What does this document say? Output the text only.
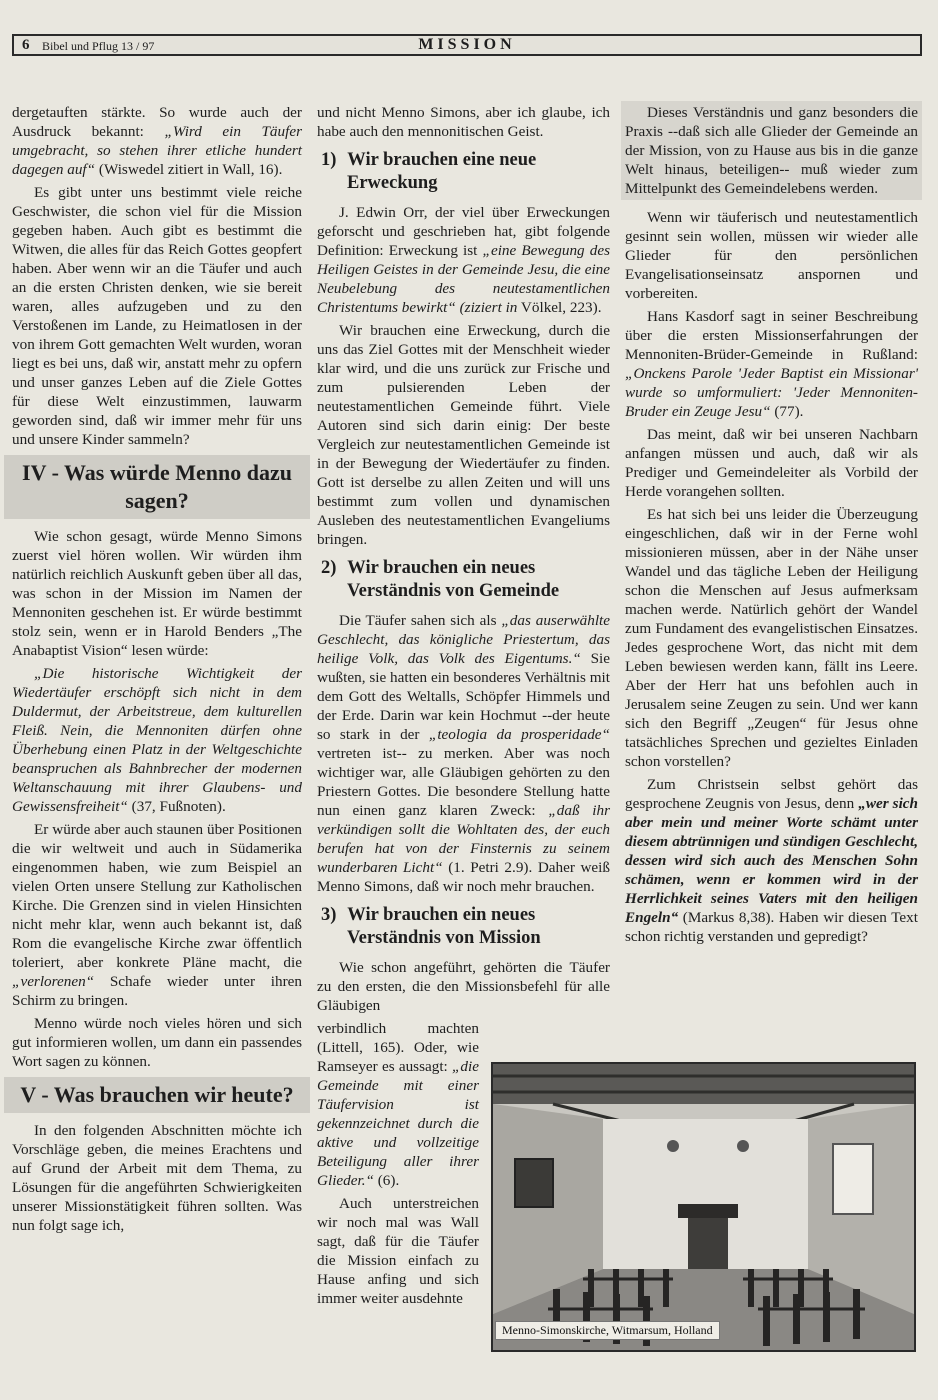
6 Bibel und Pflug 13 / 97	MISSION

dergetauften stärkte. So wurde auch der Ausdruck bekannt: „Wird ein Täufer umgebracht, so stehen ihrer etliche hundert dagegen auf“ (Wiswedel zitiert in Wall, 16).

Es gibt unter uns bestimmt viele reiche Geschwister, die schon viel für die Mission gegeben haben. Auch gibt es bestimmt die Witwen, die alles für das Reich Gottes geopfert haben. Aber wenn wir an die Täufer und auch an die ersten Christen denken, wie sie bereit waren, alles aufzugeben und zu den Verstoßenen im Lande, zu Heimatlosen in der von ihrem Gott gemachten Welt wurden, woran liegt es bei uns, daß wir, anstatt mehr zu opfern und unser ganzes Leben auf die Ziele Gottes für diese Welt einzustimmen, lauwarm geworden sind, daß wir immer mehr für uns und unsere Kinder sammeln?

IV - Was würde Menno dazu sagen?

Wie schon gesagt, würde Menno Simons zuerst viel hören wollen. Wir würden ihm natürlich reichlich Auskunft geben über all das, was schon in der Mission im Namen der Mennoniten geschehen ist. Er würde bestimmt stolz sein, wenn er in Harold Benders „The Anabaptist Vision“ lesen würde:

„Die historische Wichtigkeit der Wiedertäufer erschöpft sich nicht in dem Duldermut, der Arbeitstreue, dem kulturellen Fleiß. Nein, die Mennoniten dürfen ohne Überhebung einen Platz in der Weltgeschichte beanspruchen als Bahnbrecher der modernen Weltanschauung mit ihrer Glaubens- und Gewissensfreiheit“ (37, Fußnoten).

Er würde aber auch staunen über Positionen die wir weltweit und auch in Südamerika eingenommen haben, wie zum Beispiel an vielen Orten unsere Stellung zur Katholischen Kirche. Die Grenzen sind in vielen Hinsichten nicht mehr klar, wenn auch bekannt ist, daß Rom die evangelische Kirche zwar öffentlich toleriert, aber konkrete Pläne macht, die „verlorenen“ Schafe wieder unter ihren Schirm zu bringen.

Menno würde noch vieles hören und sich gut informieren wollen, um dann ein passendes Wort sagen zu können.

V - Was brauchen wir heute?

In den folgenden Abschnitten möchte ich Vorschläge geben, die meines Erachtens und auf Grund der Arbeit mit dem Thema, zu Lösungen für die angeführten Schwierigkeiten unserer Missionstätigkeit führen sollten. Was nun folgt sage ich,

und nicht Menno Simons, aber ich glaube, ich habe auch den mennonitischen Geist.

1) Wir brauchen eine neue
Erweckung

J. Edwin Orr, der viel über Erweckungen geforscht und geschrieben hat, gibt folgende Definition: Erweckung ist „eine Bewegung des Heiligen Geistes in der Gemeinde Jesu, die eine Neubelebung des neutestamentlichen Christentums bewirkt“ (ziziert in Völkel, 223).

Wir brauchen eine Erweckung, durch die uns das Ziel Gottes mit der Menschheit wieder klar wird, und die uns zurück zur Frische und zum pulsierenden Leben der neutestamentlichen Gemeinde führt. Viele Autoren sind sich darin einig: Der beste Vergleich zur neutestamentlichen Gemeinde ist in der Bewegung der Wiedertäufer zu finden. Gott ist derselbe zu allen Zeiten und will uns bestimmt zum vollen und dynamischen Ausleben des neutestamentlichen Evangeliums bringen.

2) Wir brauchen ein neues
Verständnis von Gemeinde

Die Täufer sahen sich als „das auserwählte Geschlecht, das königliche Priestertum, das heilige Volk, das Volk des Eigentums.“ Sie wußten, sie hatten ein besonderes Verhältnis mit dem Gott des Weltalls, Schöpfer Himmels und der Erde. Darin war kein Hochmut --der heute so stark in der „teologia da prosperidade“ vertreten ist-- zu merken. Aber was noch wichtiger war, alle Gläubigen gehörten zu den Priestern Gottes. Die besondere Stellung hatte nun einen ganz klaren Zweck: „daß ihr verkündigen sollt die Wohltaten des, der euch berufen hat von der Finsternis zu seinem wunderbaren Licht“ (1. Petri 2.9). Daher weiß Menno Simons, daß wir noch mehr brauchen.

3) Wir brauchen ein neues
Verständnis von Mission

Wie schon angeführt, gehörten die Täufer zu den ersten, die den Missionsbefehl für alle Gläubigen

verbindlich machten (Littell, 165). Oder, wie Ramseyer es aussagt: „die Gemeinde mit einer Täufervision ist gekennzeichnet durch die aktive und vollzeitige Beteiligung aller ihrer Glieder.“ (6).

Auch unterstreichen wir noch mal was Wall sagt, daß für die Täufer die Mission einfach zu Hause anfing und sich immer weiter ausdehnte

Dieses Verständnis und ganz besonders die Praxis --daß sich alle Glieder der Gemeinde an der Mission, von zu Hause aus bis in die ganze Welt hinaus, beteiligen-- muß wieder zum Mittelpunkt des Gemeindelebens werden.

Wenn wir täuferisch und neutestamentlich gesinnt sein wollen, müssen wir wieder alle Glieder für den persönlichen Evangelisationseinsatz anspornen und vorbereiten.

Hans Kasdorf sagt in seiner Beschreibung über die ersten Missionserfahrungen der Mennoniten-Brüder-Gemeinde in Rußland: „Onckens Parole 'Jeder Baptist ein Missionar' wurde so umformuliert: 'Jeder Mennoniten-Bruder ein Zeuge Jesu“ (77).

Das meint, daß wir bei unseren Nachbarn anfangen müssen und auch, daß wir als Prediger und Gemeindeleiter als Vorbild der Herde vorangehen sollten.

Es hat sich bei uns leider die Überzeugung eingeschlichen, daß wir in der Ferne wohl missionieren müssen, aber in der Nähe unser Wandel und das tägliche Leben der Heiligung schon die Menschen auf Jesus aufmerksam machen werde. Natürlich gehört der Wandel zum Fundament des evangelistischen Einsatzes. Jedes gesprochene Wort, das nicht mit dem Leben bewiesen werden kann, fällt ins Leere. Aber der Herr hat uns befohlen auch in Jerusalem seine Zeugen zu sein. Und wer kann sich den Begriff „Zeugen“ für Jesus ohne tatsächliches Sprechen und gezieltes Einladen schon vorstellen?

Zum Christsein selbst gehört das gesprochene Zeugnis von Jesus, denn „wer sich aber mein und meiner Worte schämt unter diesem abtrünnigen und sündigen Geschlecht, dessen wird sich auch des Menschen Sohn schämen, wenn er kommen wird in der Herrlichkeit seines Vaters mit den heiligen Engeln“ (Markus 8,38). Haben wir diesen Text schon richtig verstanden und gepredigt?

Menno-Simonskirche, Witmarsum, Holland
